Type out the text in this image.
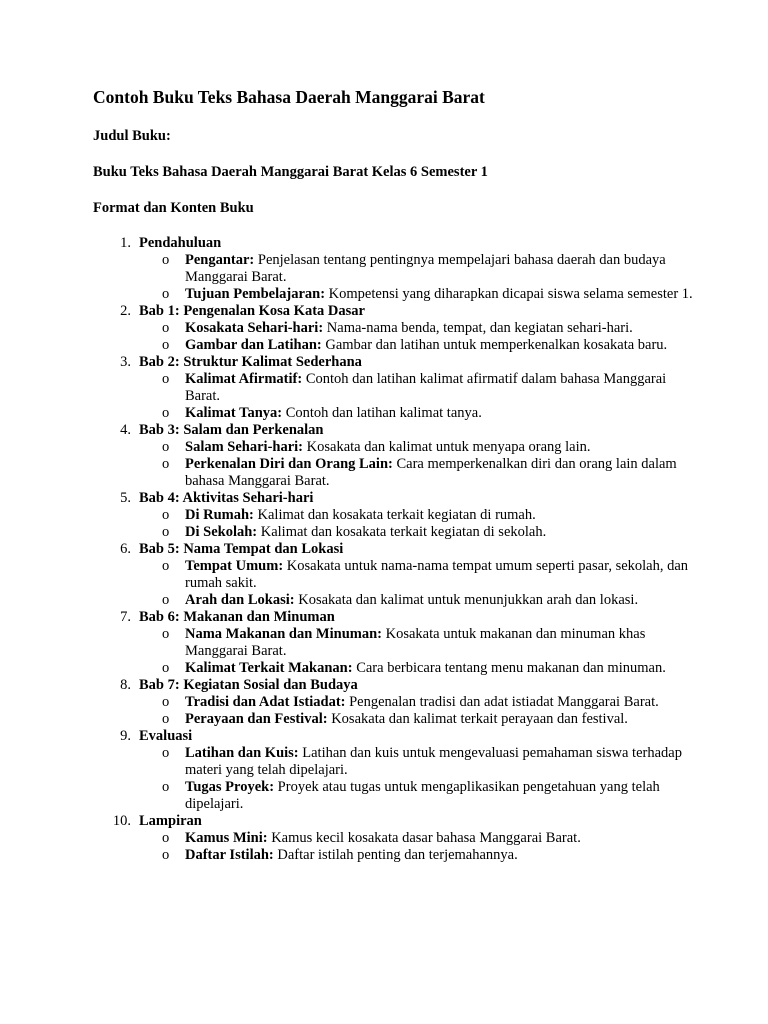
Contoh Buku Teks Bahasa Daerah Manggarai Barat
Judul Buku:
Buku Teks Bahasa Daerah Manggarai Barat Kelas 6 Semester 1
Format dan Konten Buku
1. Pendahuluan
o Pengantar: Penjelasan tentang pentingnya mempelajari bahasa daerah dan budaya Manggarai Barat.
o Tujuan Pembelajaran: Kompetensi yang diharapkan dicapai siswa selama semester 1.
2. Bab 1: Pengenalan Kosa Kata Dasar
o Kosakata Sehari-hari: Nama-nama benda, tempat, dan kegiatan sehari-hari.
o Gambar dan Latihan: Gambar dan latihan untuk memperkenalkan kosakata baru.
3. Bab 2: Struktur Kalimat Sederhana
o Kalimat Afirmatif: Contoh dan latihan kalimat afirmatif dalam bahasa Manggarai Barat.
o Kalimat Tanya: Contoh dan latihan kalimat tanya.
4. Bab 3: Salam dan Perkenalan
o Salam Sehari-hari: Kosakata dan kalimat untuk menyapa orang lain.
o Perkenalan Diri dan Orang Lain: Cara memperkenalkan diri dan orang lain dalam bahasa Manggarai Barat.
5. Bab 4: Aktivitas Sehari-hari
o Di Rumah: Kalimat dan kosakata terkait kegiatan di rumah.
o Di Sekolah: Kalimat dan kosakata terkait kegiatan di sekolah.
6. Bab 5: Nama Tempat dan Lokasi
o Tempat Umum: Kosakata untuk nama-nama tempat umum seperti pasar, sekolah, dan rumah sakit.
o Arah dan Lokasi: Kosakata dan kalimat untuk menunjukkan arah dan lokasi.
7. Bab 6: Makanan dan Minuman
o Nama Makanan dan Minuman: Kosakata untuk makanan dan minuman khas Manggarai Barat.
o Kalimat Terkait Makanan: Cara berbicara tentang menu makanan dan minuman.
8. Bab 7: Kegiatan Sosial dan Budaya
o Tradisi dan Adat Istiadat: Pengenalan tradisi dan adat istiadat Manggarai Barat.
o Perayaan dan Festival: Kosakata dan kalimat terkait perayaan dan festival.
9. Evaluasi
o Latihan dan Kuis: Latihan dan kuis untuk mengevaluasi pemahaman siswa terhadap materi yang telah dipelajari.
o Tugas Proyek: Proyek atau tugas untuk mengaplikasikan pengetahuan yang telah dipelajari.
10. Lampiran
o Kamus Mini: Kamus kecil kosakata dasar bahasa Manggarai Barat.
o Daftar Istilah: Daftar istilah penting dan terjemahannya.
